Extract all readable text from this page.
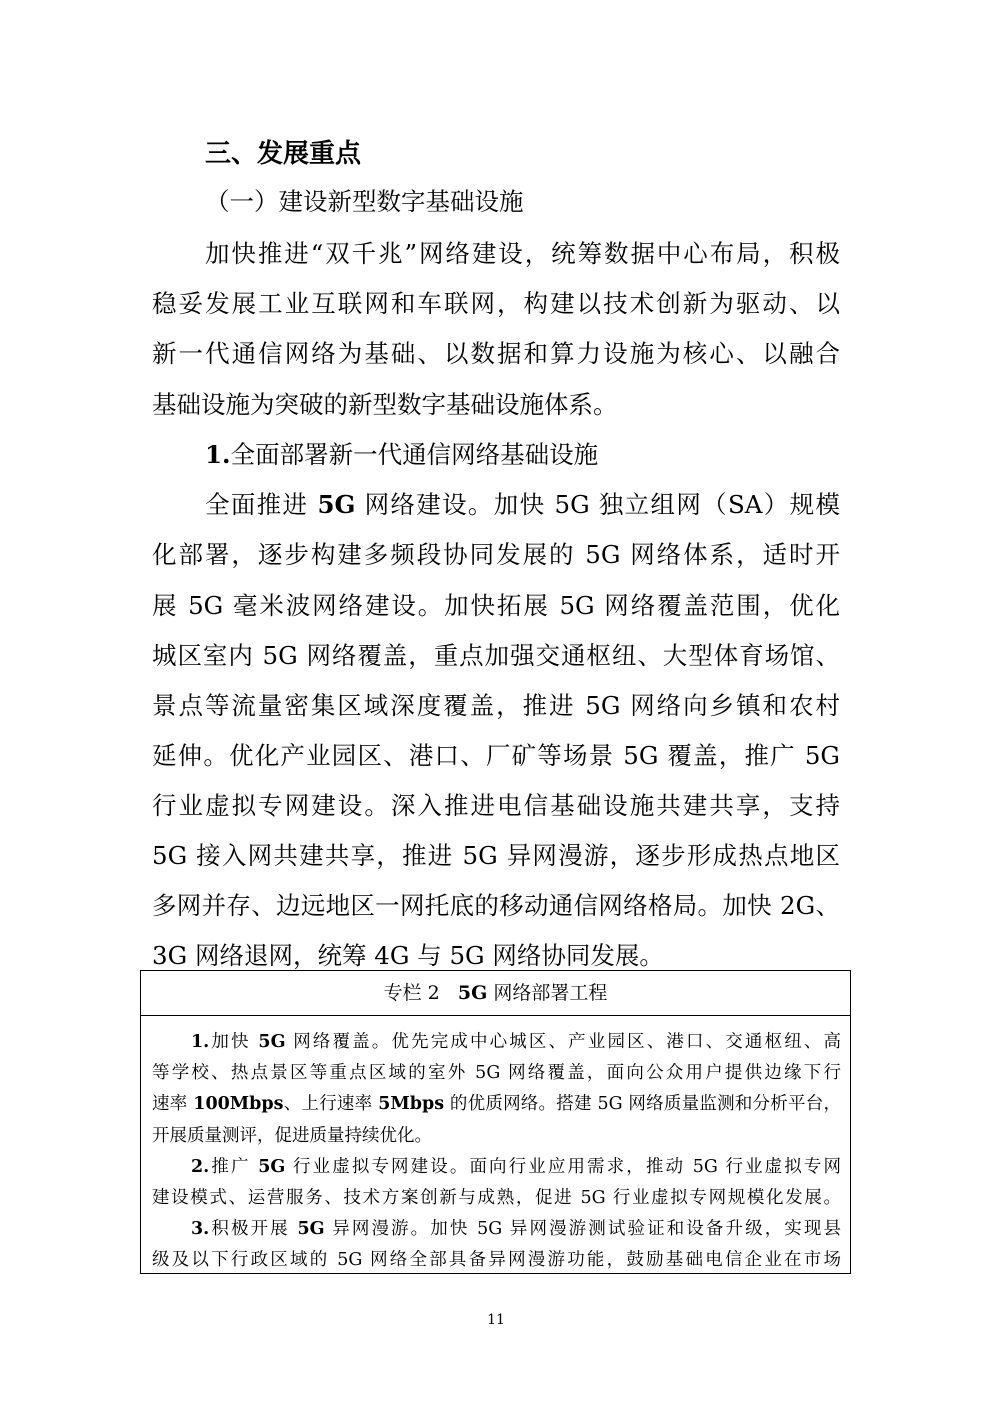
三、发展重点
（一）建设新型数字基础设施
加快推进“双千兆”网络建设，统筹数据中心布局，积极
稳妥发展工业互联网和车联网，构建以技术创新为驱动、以
新一代通信网络为基础、以数据和算力设施为核心、以融合
基础设施为突破的新型数字基础设施体系。
1.全面部署新一代通信网络基础设施
全面推进 5G 网络建设。加快 5G 独立组网（SA）规模
化部署，逐步构建多频段协同发展的 5G 网络体系，适时开
展 5G 毫米波网络建设。加快拓展 5G 网络覆盖范围，优化
城区室内 5G 网络覆盖，重点加强交通枢纽、大型体育场馆、
景点等流量密集区域深度覆盖，推进 5G 网络向乡镇和农村
延伸。优化产业园区、港口、厂矿等场景 5G 覆盖，推广 5G
行业虚拟专网建设。深入推进电信基础设施共建共享，支持
5G 接入网共建共享，推进 5G 异网漫游，逐步形成热点地区
多网并存、边远地区一网托底的移动通信网络格局。加快 2G、
3G 网络退网，统筹 4G 与 5G 网络协同发展。
专栏 2 5G 网络部署工程
1.加快 5G 网络覆盖。优先完成中心城区、产业园区、港口、交通枢纽、高
等学校、热点景区等重点区域的室外 5G 网络覆盖，面向公众用户提供边缘下行
速率 100Mbps、上行速率 5Mbps 的优质网络。搭建 5G 网络质量监测和分析平台，
开展质量测评，促进质量持续优化。
2.推广 5G 行业虚拟专网建设。面向行业应用需求，推动 5G 行业虚拟专网
建设模式、运营服务、技术方案创新与成熟，促进 5G 行业虚拟专网规模化发展。
3.积极开展 5G 异网漫游。加快 5G 异网漫游测试验证和设备升级，实现县
级及以下行政区域的 5G 网络全部具备异网漫游功能，鼓励基础电信企业在市场
11
